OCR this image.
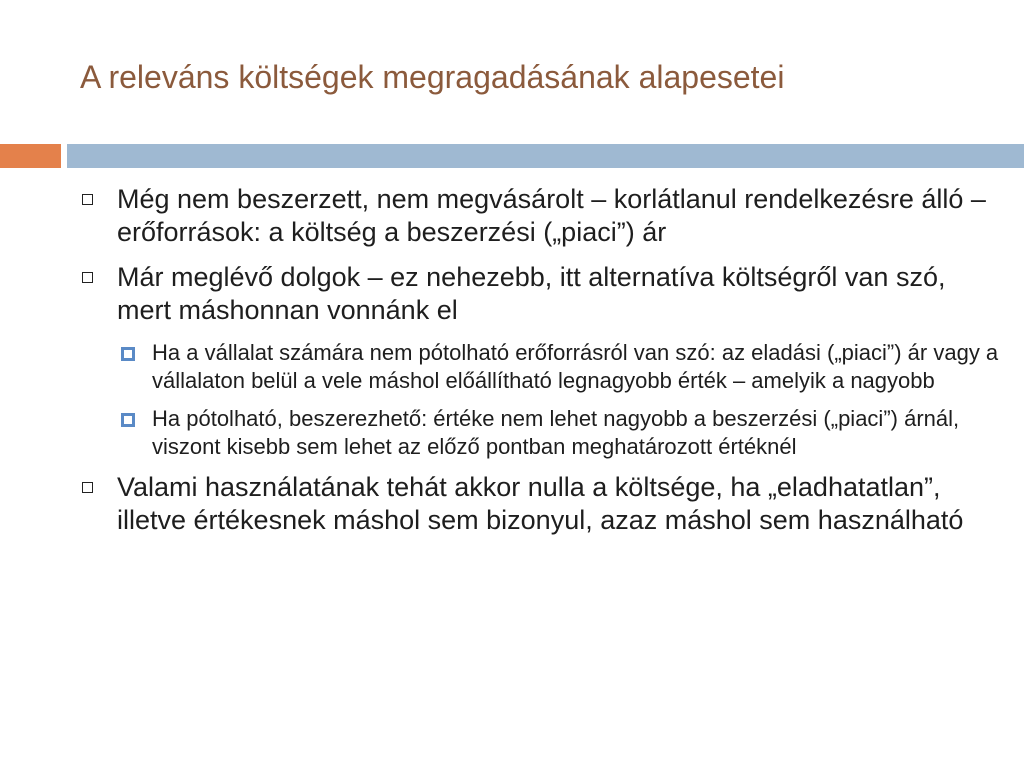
A releváns költségek megragadásának alapesetei
Még nem beszerzett, nem megvásárolt – korlátlanul rendelkezésre álló – erőforrások: a költség a beszerzési („piaci”) ár
Már meglévő dolgok – ez nehezebb, itt alternatíva költségről van szó, mert máshonnan vonnánk el
Ha a vállalat számára nem pótolható erőforrásról van szó: az eladási („piaci”) ár vagy a vállalaton belül a vele máshol előállítható legnagyobb érték – amelyik a nagyobb
Ha pótolható, beszerezhető: értéke nem lehet nagyobb a beszerzési („piaci”) árnál, viszont kisebb sem lehet az előző pontban meghatározott értéknél
Valami használatának tehát akkor nulla a költsége, ha „eladhatatlan”, illetve értékesnek máshol sem bizonyul, azaz máshol sem használható
